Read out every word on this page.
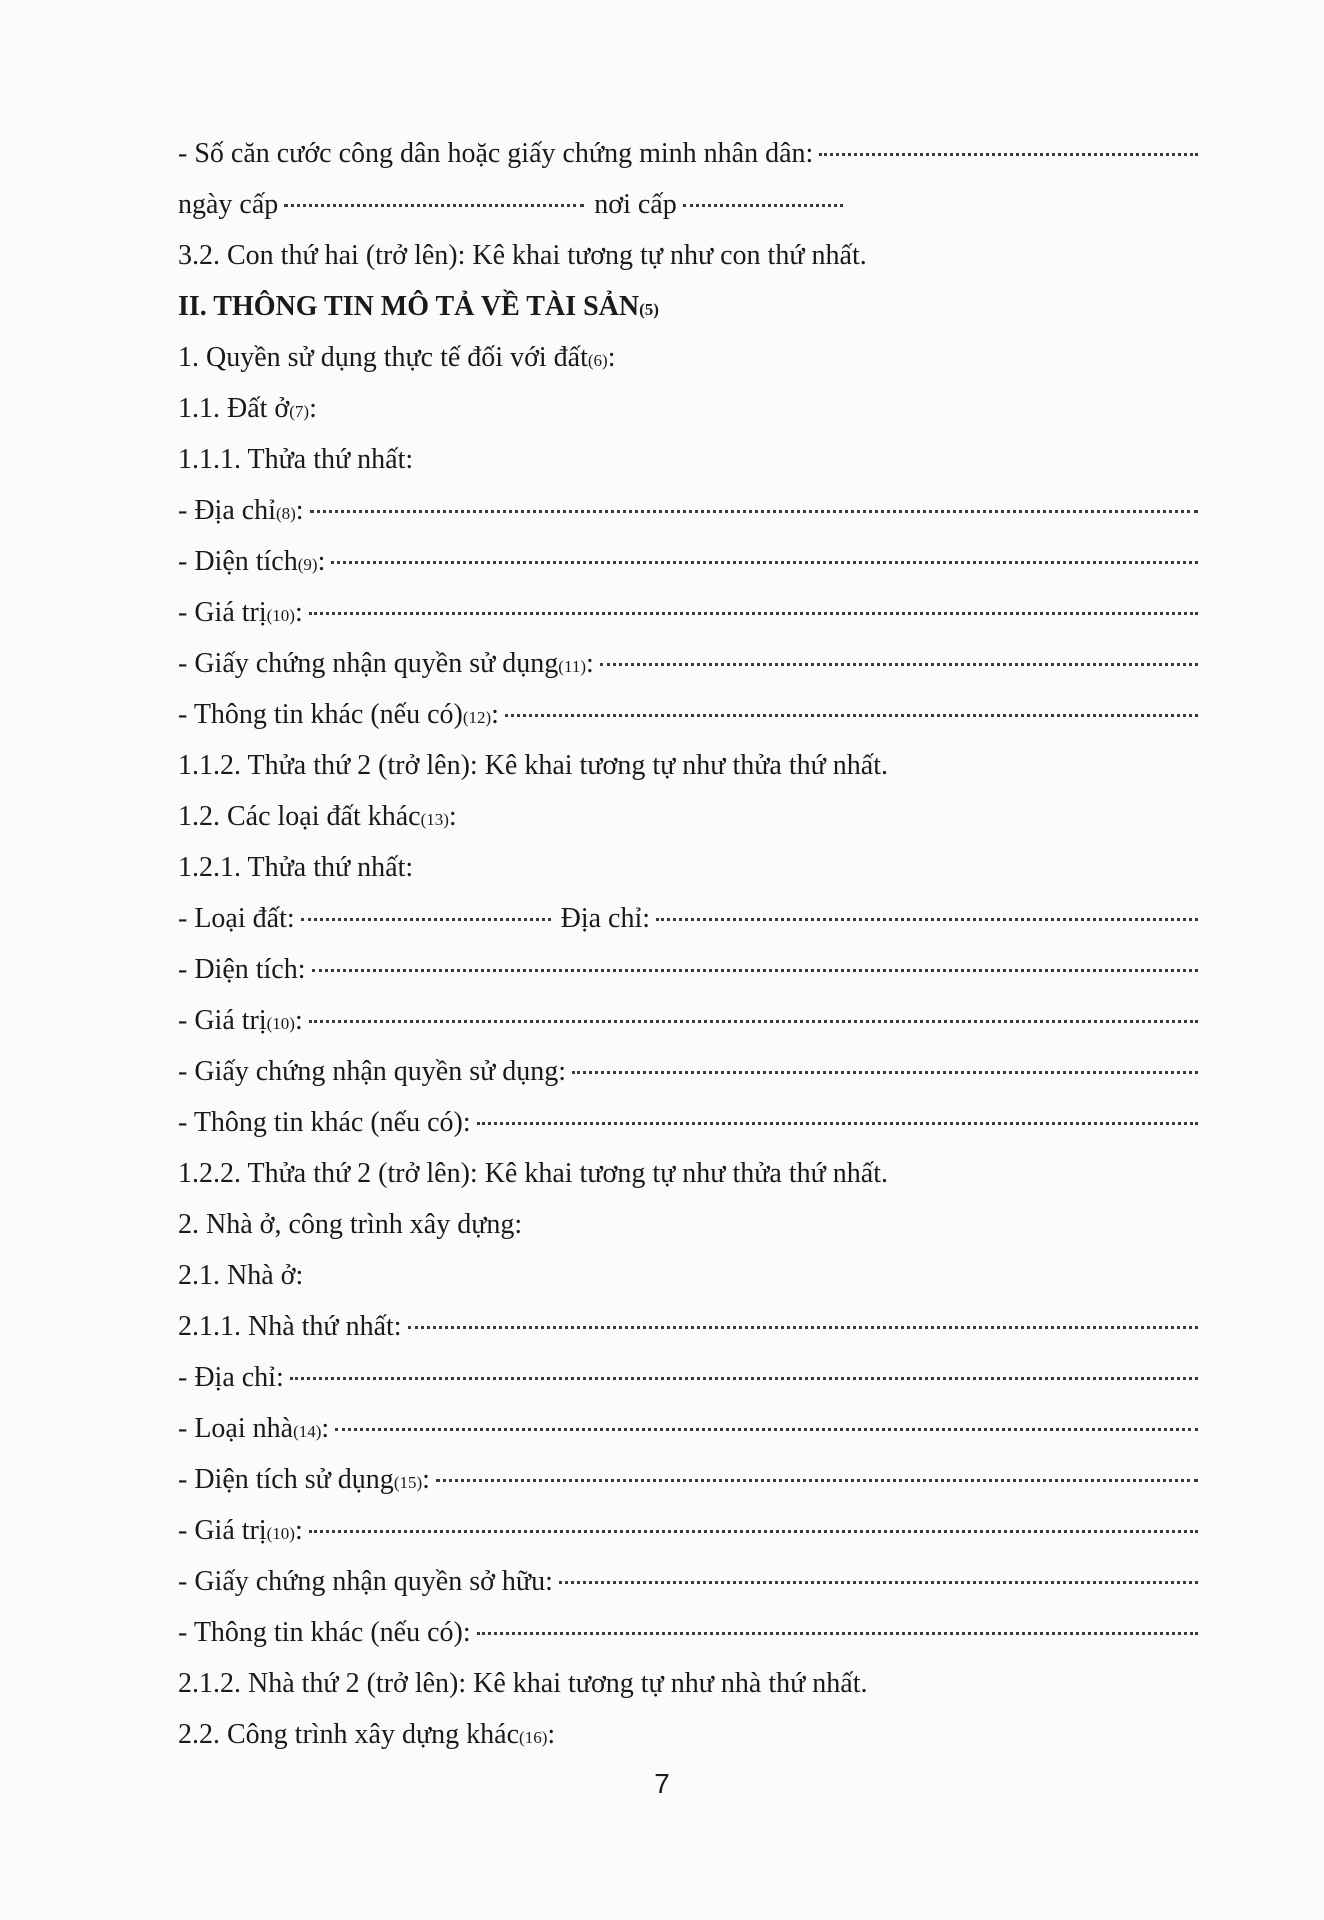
- Số căn cước công dân hoặc giấy chứng minh nhân dân:
ngày cấp	nơi cấp
3.2. Con thứ hai (trở lên): Kê khai tương tự như con thứ nhất.
II. THÔNG TIN MÔ TẢ VỀ TÀI SẢN (5)
1. Quyền sử dụng thực tế đối với đất (6) :
1.1. Đất ở (7) :
1.1.1. Thửa thứ nhất:
- Địa chỉ (8) :
- Diện tích (9) :
- Giá trị (10) :
- Giấy chứng nhận quyền sử dụng (11) :
- Thông tin khác (nếu có) (12) :
1.1.2. Thửa thứ 2 (trở lên): Kê khai tương tự như thửa thứ nhất.
1.2. Các loại đất khác (13) :
1.2.1. Thửa thứ nhất:
- Loại đất:	Địa chỉ:
- Diện tích:
- Giá trị (10) :
- Giấy chứng nhận quyền sử dụng:
- Thông tin khác (nếu có):
1.2.2. Thửa thứ 2 (trở lên): Kê khai tương tự như thửa thứ nhất.
2. Nhà ở, công trình xây dựng:
2.1. Nhà ở:
2.1.1. Nhà thứ nhất:
- Địa chỉ:
- Loại nhà (14) :
- Diện tích sử dụng (15) :
- Giá trị (10) :
- Giấy chứng nhận quyền sở hữu:
- Thông tin khác (nếu có):
2.1.2. Nhà thứ 2 (trở lên): Kê khai tương tự như nhà thứ nhất.
2.2. Công trình xây dựng khác (16) :
7
